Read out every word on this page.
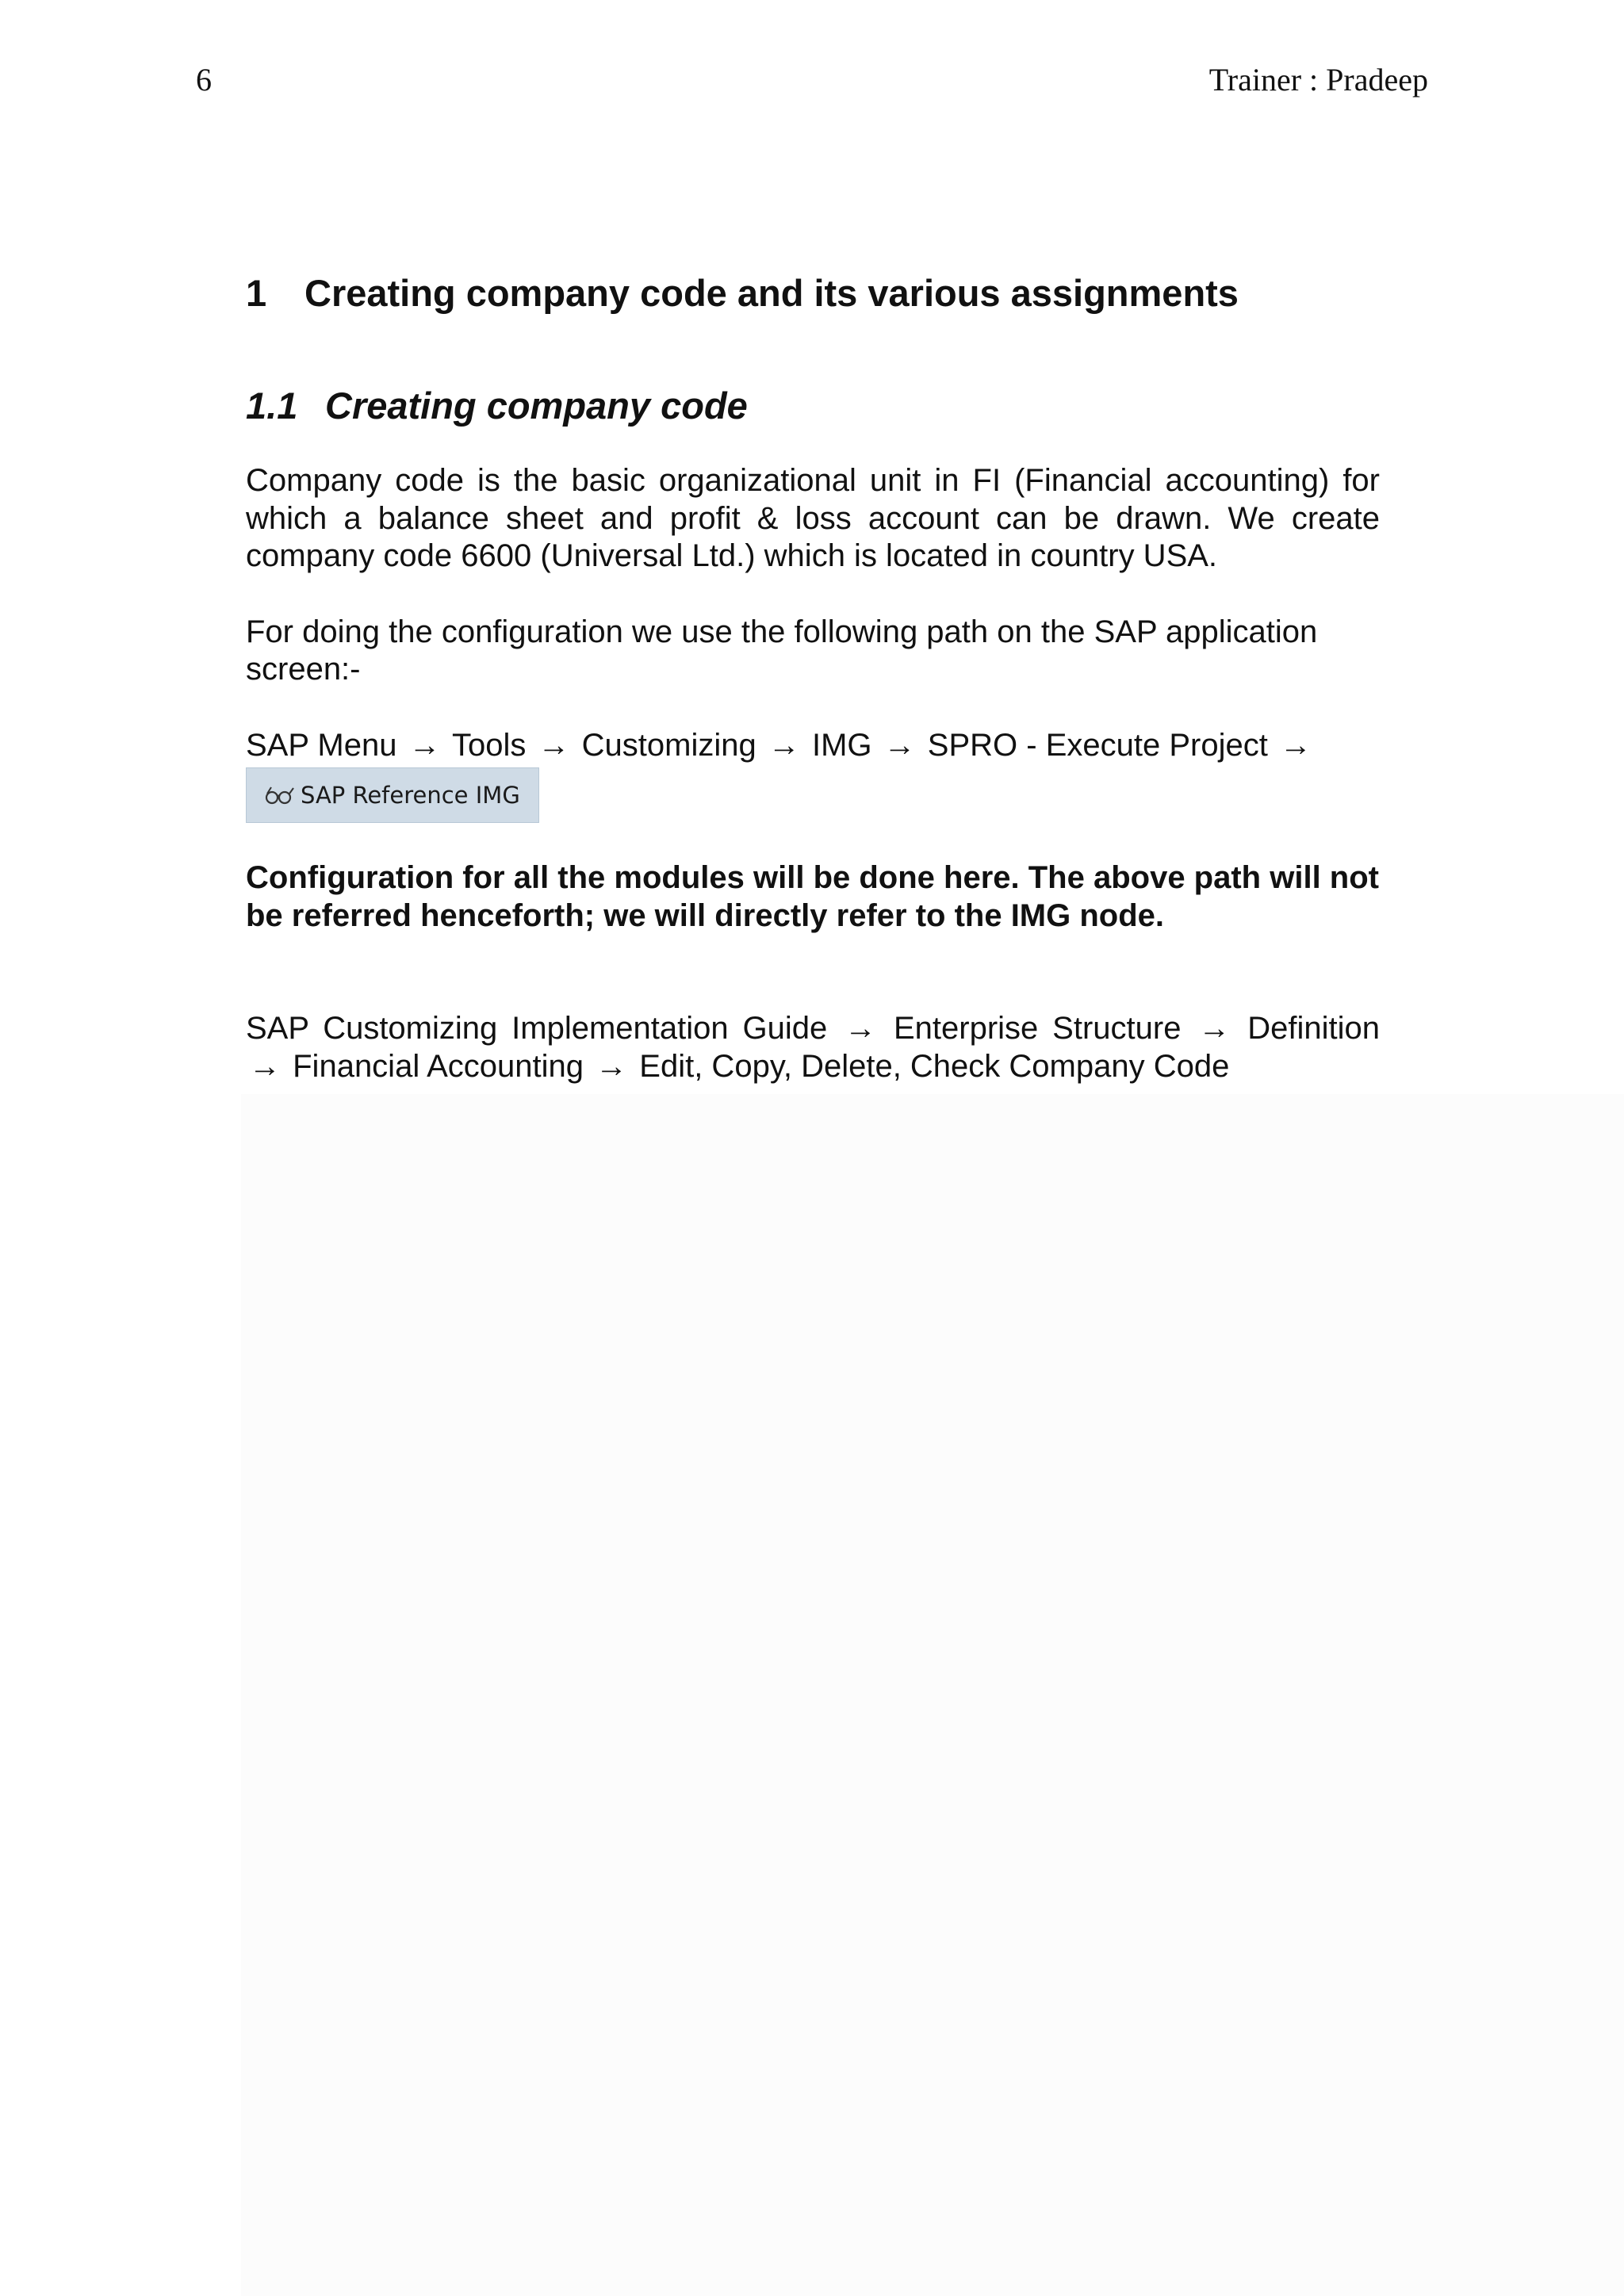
6	Trainer : Pradeep
1	Creating company code and its various assignments
1.1 Creating company code

Company code is the basic organizational unit in FI (Financial accounting) for which a balance sheet and profit & loss account can be drawn. We create company code 6600 (Universal Ltd.) which is located in country USA.

For doing the configuration we use the following path on the SAP application screen:-

SAP Menu → Tools → Customizing → IMG → SPRO - Execute Project →

SAP Reference IMG

Configuration for all the modules will be done here. The above path will not be referred henceforth; we will directly refer to the IMG node.

SAP Customizing Implementation Guide → Enterprise Structure → Definition → Financial Accounting → Edit, Copy, Delete, Check Company Code
